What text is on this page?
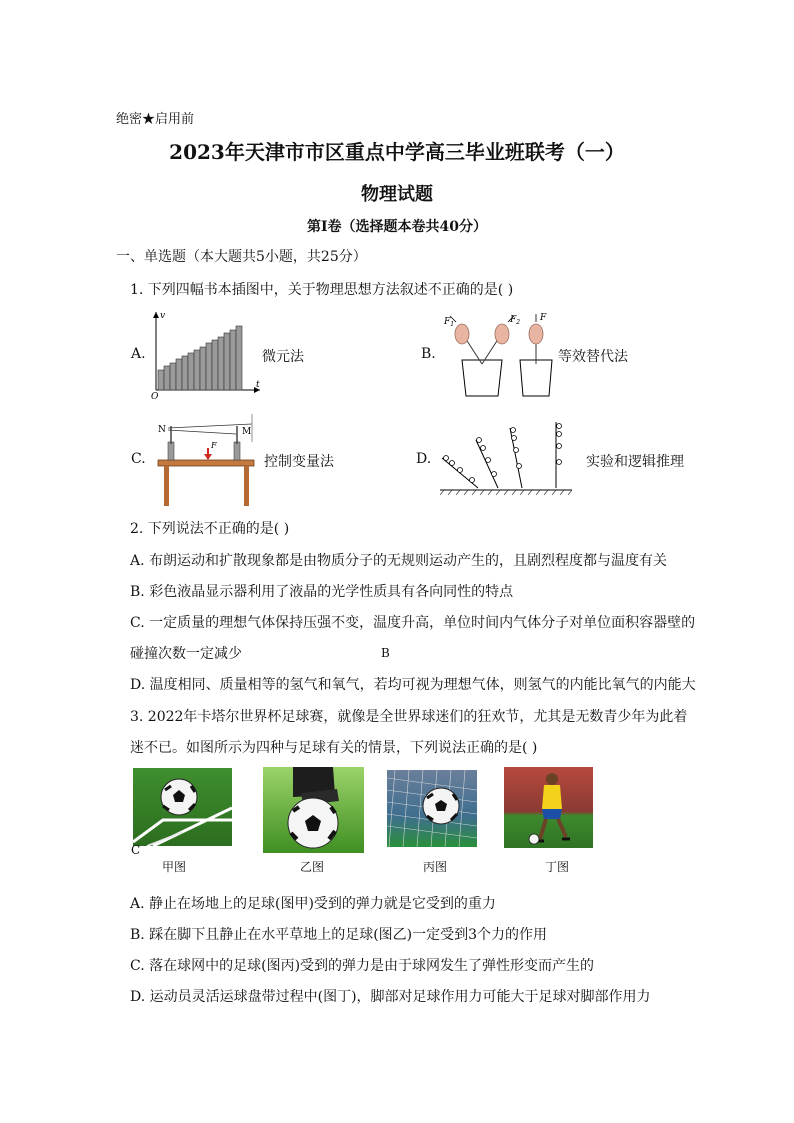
绝密★启用前
2023年天津市市区重点中学高三毕业班联考（一）
物理试题
第Ⅰ卷（选择题本卷共40分）
一、单选题（本大题共5小题，共25分）
1. 下列四幅书本插图中，关于物理思想方法叙述不正确的是( )
A.
v
t
O
微元法	B.
$F_1$	$F_2$ F
等效替代法
C.
N	M
F
控制变量法	D.	实验和逻辑推理
2. 下列说法不正确的是( )
A. 布朗运动和扩散现象都是由物质分子的无规则运动产生的，且剧烈程度都与温度有关
B. 彩色液晶显示器利用了液晶的光学性质具有各向同性的特点
C. 一定质量的理想气体保持压强不变，温度升高，单位时间内气体分子对单位面积容器壁的
碰撞次数一定减少	B
D. 温度相同、质量相等的氢气和氧气，若均可视为理想气体，则氢气的内能比氧气的内能大
3. 2022年卡塔尔世界杯足球赛，就像是全世界球迷们的狂欢节，尤其是无数青少年为此着
迷不已。如图所示为四种与足球有关的情景，下列说法正确的是( )
C
甲图	乙图	丙图	丁图
A. 静止在场地上的足球(图甲)受到的弹力就是它受到的重力
B. 踩在脚下且静止在水平草地上的足球(图乙)一定受到3个力的作用
C. 落在球网中的足球(图丙)受到的弹力是由于球网发生了弹性形变而产生的
D. 运动员灵活运球盘带过程中(图丁)，脚部对足球作用力可能大于足球对脚部作用力
